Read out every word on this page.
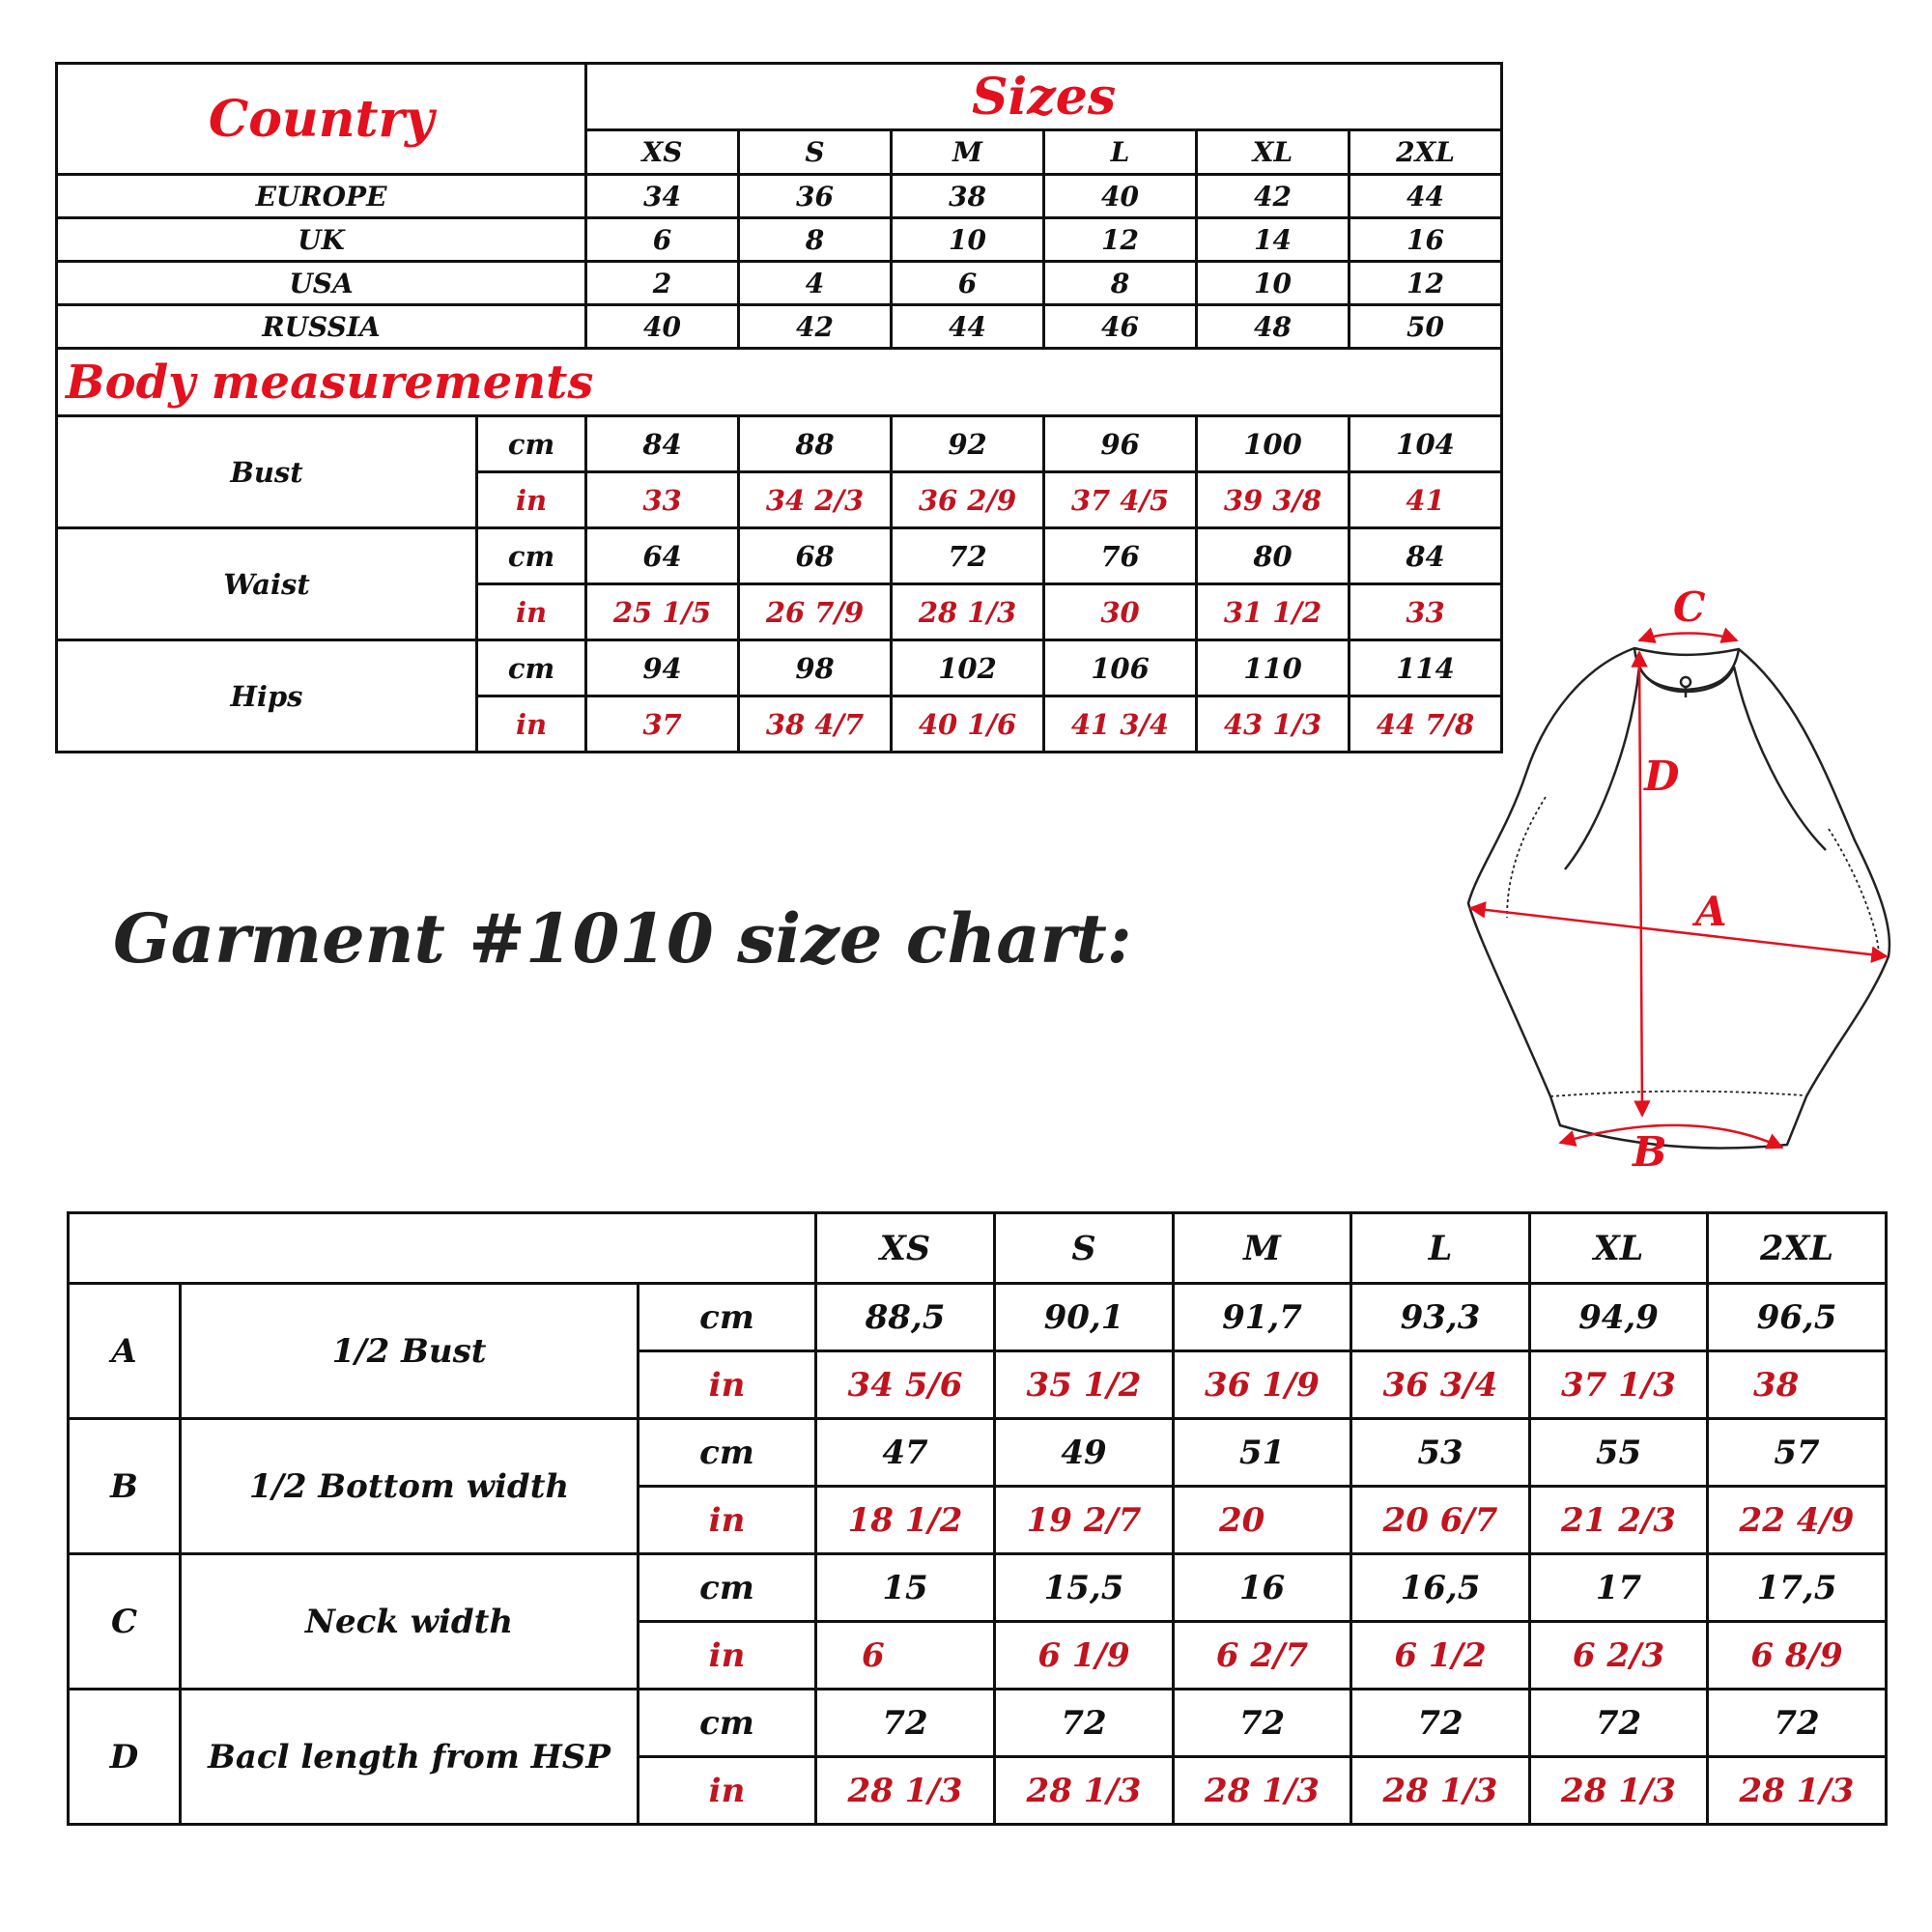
Country		Sizes					
		XS	S	M	L	XL	2XL
EUROPE		34	36	38	40	42	44
UK		6	8	10	12	14	16
USA		2	4	6	8	10	12
RUSSIA		40	42	44	46	48	50
Body measurements							
Bust	cm	84	88	92	96	100	104
	in	33	34 2/3	36 2/9	37 4/5	39 3/8	41
Waist	cm	64	68	72	76	80	84
	in	25 1/5	26 7/9	28 1/3	30	31 1/2	33
Hips	cm	94	98	102	106	110	114
	in	37	38 4/7	40 1/6	41 3/4	43 1/3	44 7/8
Garment #1010 size chart:
C
D
A
B
			XS	S	M	L	XL	2XL
A	1/2 Bust	cm	88,5	90,1	91,7	93,3	94,9	96,5
		in	34 5/6	35 1/2	36 1/9	36 3/4	37 1/3	38
B	1/2 Bottom width	cm	47	49	51	53	55	57
		in	18 1/2	19 2/7	20	20 6/7	21 2/3	22 4/9
C	Neck width	cm	15	15,5	16	16,5	17	17,5
		in	6	6 1/9	6 2/7	6 1/2	6 2/3	6 8/9
D	Bacl length from HSP	cm	72	72	72	72	72	72
		in	28 1/3	28 1/3	28 1/3	28 1/3	28 1/3	28 1/3
